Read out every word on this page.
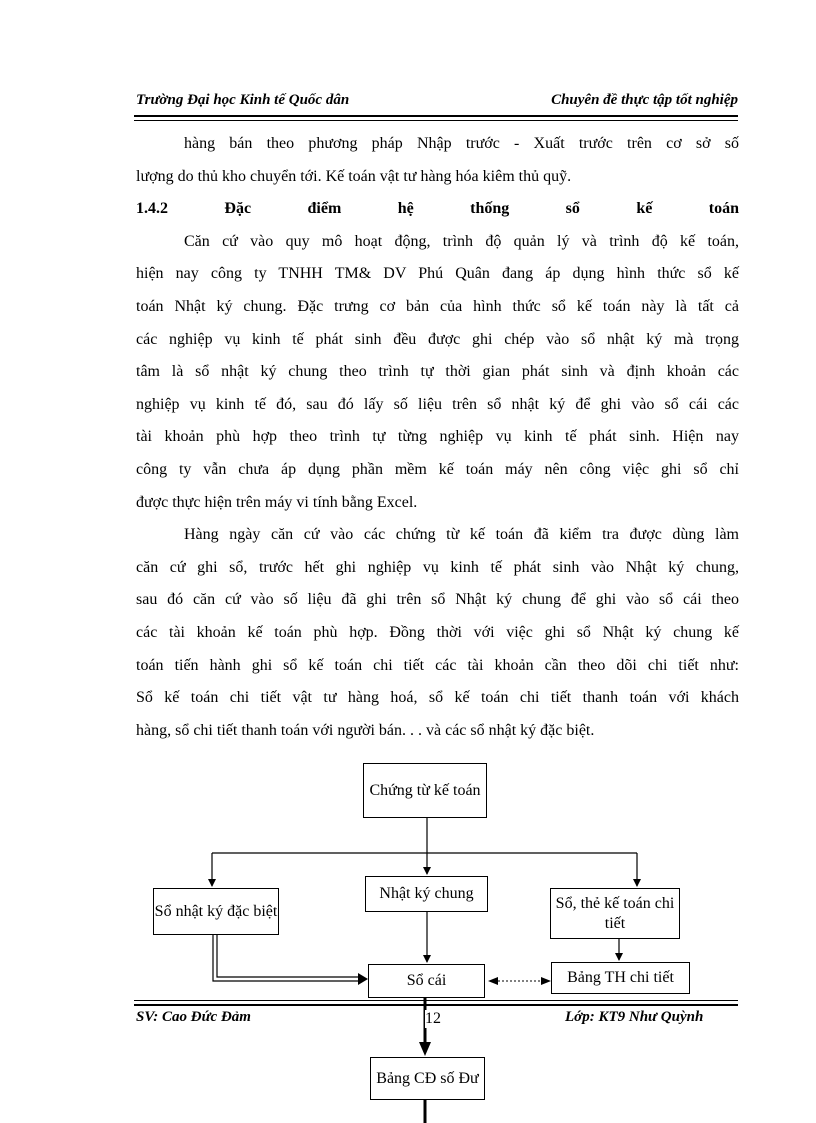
Trường Đại học Kinh tế Quốc dân	Chuyên đề thực tập tốt nghiệp

hàng bán theo phương pháp Nhập trước - Xuất trước trên cơ sở số

lượng do thủ kho chuyển tới. Kế toán vật tư hàng hóa kiêm thủ quỹ.

1.4.2 Đặc điểm hệ thống sổ kế toán

Căn cứ vào quy mô hoạt động, trình độ quản lý và trình độ kế toán,

hiện nay công ty TNHH TM& DV Phú Quân đang áp dụng hình thức sổ kế

toán Nhật ký chung. Đặc trưng cơ bản của hình thức sổ kế toán này là tất cả

các nghiệp vụ kinh tế phát sinh đều được ghi chép vào sổ nhật ký mà trọng

tâm là sổ nhật ký chung theo trình tự thời gian phát sinh và định khoản các

nghiệp vụ kinh tế đó, sau đó lấy số liệu trên sổ nhật ký để ghi vào sổ cái các

tài khoản phù hợp theo trình tự từng nghiệp vụ kinh tế phát sinh. Hiện nay

công ty vẫn chưa áp dụng phần mềm kế toán máy nên công việc ghi sổ chỉ

được thực hiện trên máy vi tính bằng Excel.

Hàng ngày căn cứ vào các chứng từ kế toán đã kiểm tra được dùng làm

căn cứ ghi sổ, trước hết ghi nghiệp vụ kinh tế phát sinh vào Nhật ký chung,

sau đó căn cứ vào số liệu đã ghi trên sổ Nhật ký chung để ghi vào sổ cái theo

các tài khoản kế toán phù hợp. Đồng thời với việc ghi sổ Nhật ký chung kế

toán tiến hành ghi sổ kế toán chi tiết các tài khoản cần theo dõi chi tiết như:

Sổ kế toán chi tiết vật tư hàng hoá, sổ kế toán chi tiết thanh toán với khách

hàng, sổ chi tiết thanh toán với người bán. . . và các sổ nhật ký đặc biệt.

Chứng từ kế toán
Sổ nhật ký đặc biệt
Nhật ký chung
Sổ, thẻ kế toán chi tiết
Sổ cái	Bảng TH chi tiết
Bảng CĐ số Đư
SV: Cao Đức Đảm	12	Lớp: KT9 Như Quỳnh
